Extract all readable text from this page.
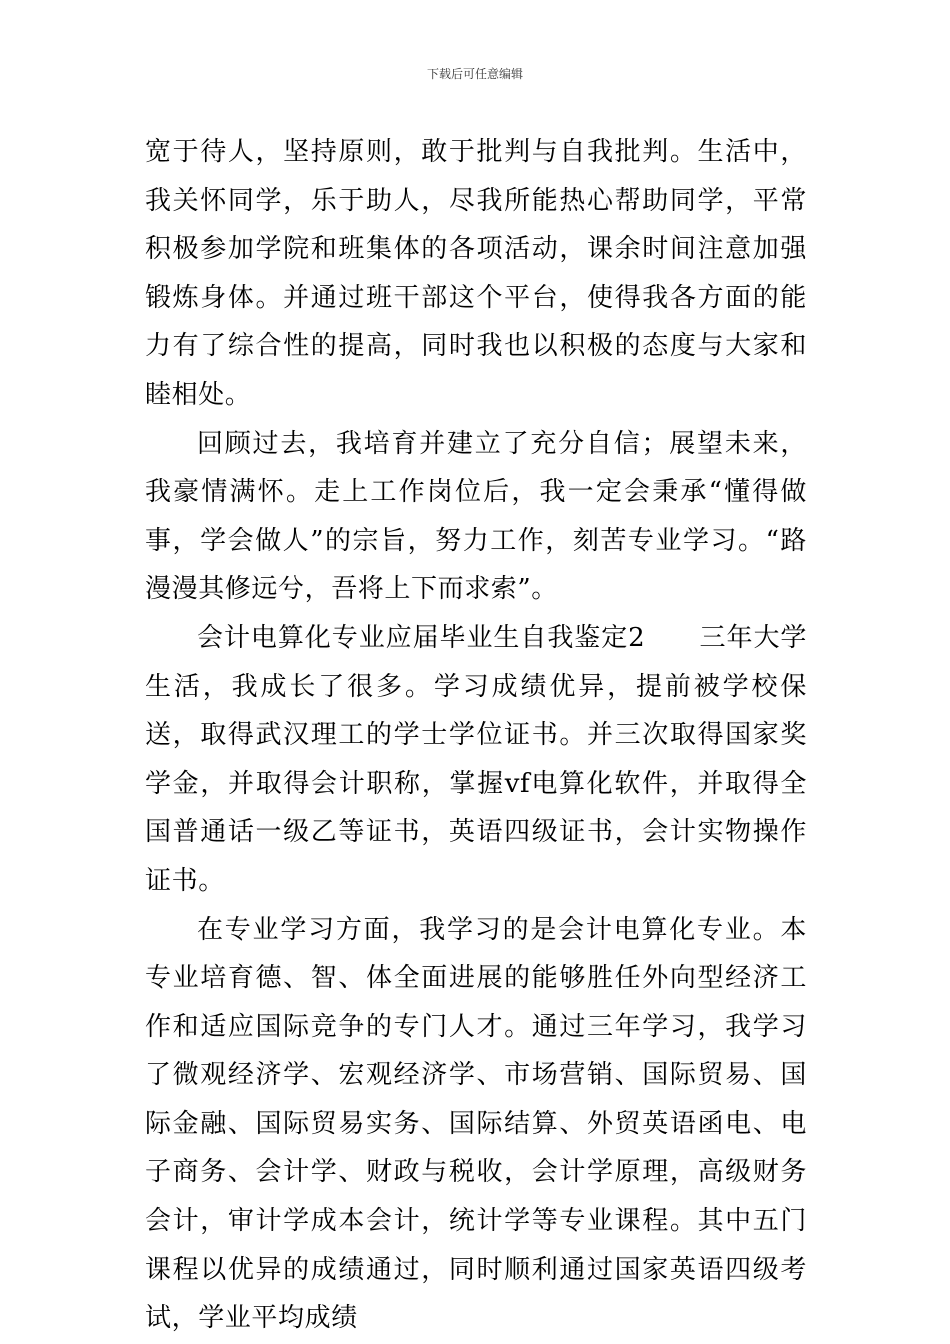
下载后可任意编辑

宽于待人，坚持原则，敢于批判与自我批判。生活中，我关怀同学，乐于助人，尽我所能热心帮助同学，平常积极参加学院和班集体的各项活动，课余时间注意加强锻炼身体。并通过班干部这个平台，使得我各方面的能力有了综合性的提高，同时我也以积极的态度与大家和睦相处。

回顾过去，我培育并建立了充分自信；展望未来，我豪情满怀。走上工作岗位后，我一定会秉承“懂得做事，学会做人”的宗旨，努力工作，刻苦专业学习。“路漫漫其修远兮，吾将上下而求索”。

会计电算化专业应届毕业生自我鉴定2　　三年大学生活，我成长了很多。学习成绩优异，提前被学校保送，取得武汉理工的学士学位证书。并三次取得国家奖学金，并取得会计职称，掌握vf电算化软件，并取得全国普通话一级乙等证书，英语四级证书，会计实物操作证书。

在专业学习方面，我学习的是会计电算化专业。本专业培育德、智、体全面进展的能够胜任外向型经济工作和适应国际竞争的专门人才。通过三年学习，我学习了微观经济学、宏观经济学、市场营销、国际贸易、国际金融、国际贸易实务、国际结算、外贸英语函电、电子商务、会计学、财政与税收，会计学原理，高级财务会计，审计学成本会计，统计学等专业课程。其中五门课程以优异的成绩通过，同时顺利通过国家英语四级考试，学业平均成绩
